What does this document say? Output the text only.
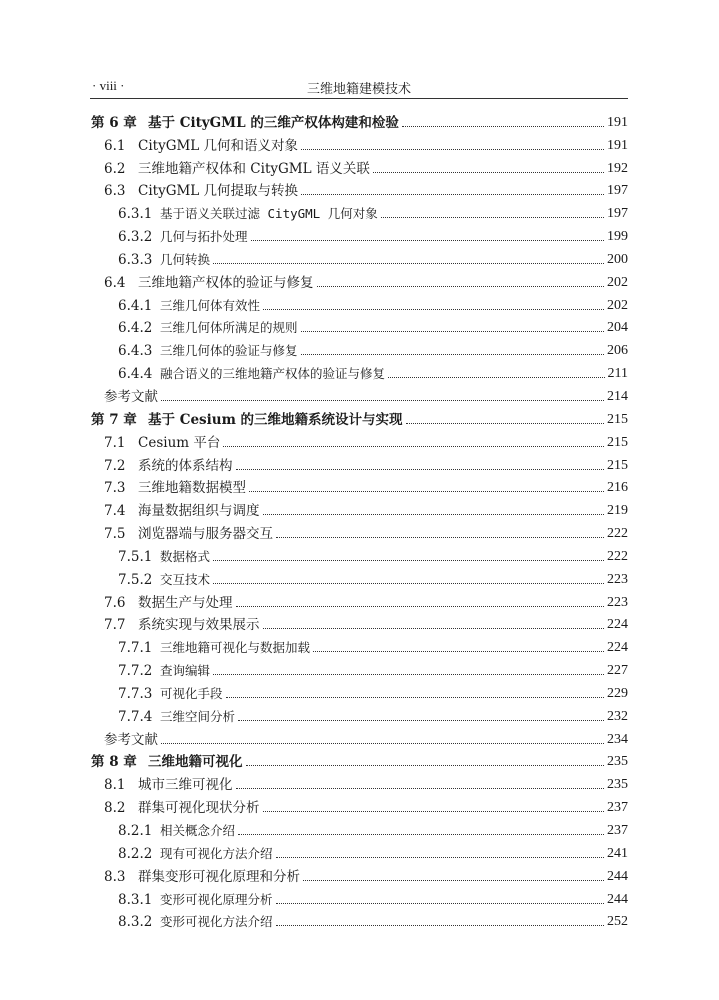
· viii ·	三维地籍建模技术
第 6 章 基于 CityGML 的三维产权体构建和检验	191
6.1 CityGML 几何和语义对象	191
6.2 三维地籍产权体和 CityGML 语义关联	192
6.3 CityGML 几何提取与转换	197
6.3.1 基于语义关联过滤 CityGML 几何对象	197
6.3.2 几何与拓扑处理	199
6.3.3 几何转换	200
6.4 三维地籍产权体的验证与修复	202
6.4.1 三维几何体有效性	202
6.4.2 三维几何体所满足的规则	204
6.4.3 三维几何体的验证与修复	206
6.4.4 融合语义的三维地籍产权体的验证与修复	211
参考文献	214
第 7 章 基于 Cesium 的三维地籍系统设计与实现	215
7.1 Cesium 平台	215
7.2 系统的体系结构	215
7.3 三维地籍数据模型	216
7.4 海量数据组织与调度	219
7.5 浏览器端与服务器交互	222
7.5.1 数据格式	222
7.5.2 交互技术	223
7.6 数据生产与处理	223
7.7 系统实现与效果展示	224
7.7.1 三维地籍可视化与数据加载	224
7.7.2 查询编辑	227
7.7.3 可视化手段	229
7.7.4 三维空间分析	232
参考文献	234
第 8 章 三维地籍可视化	235
8.1 城市三维可视化	235
8.2 群集可视化现状分析	237
8.2.1 相关概念介绍	237
8.2.2 现有可视化方法介绍	241
8.3 群集变形可视化原理和分析	244
8.3.1 变形可视化原理分析	244
8.3.2 变形可视化方法介绍	252
